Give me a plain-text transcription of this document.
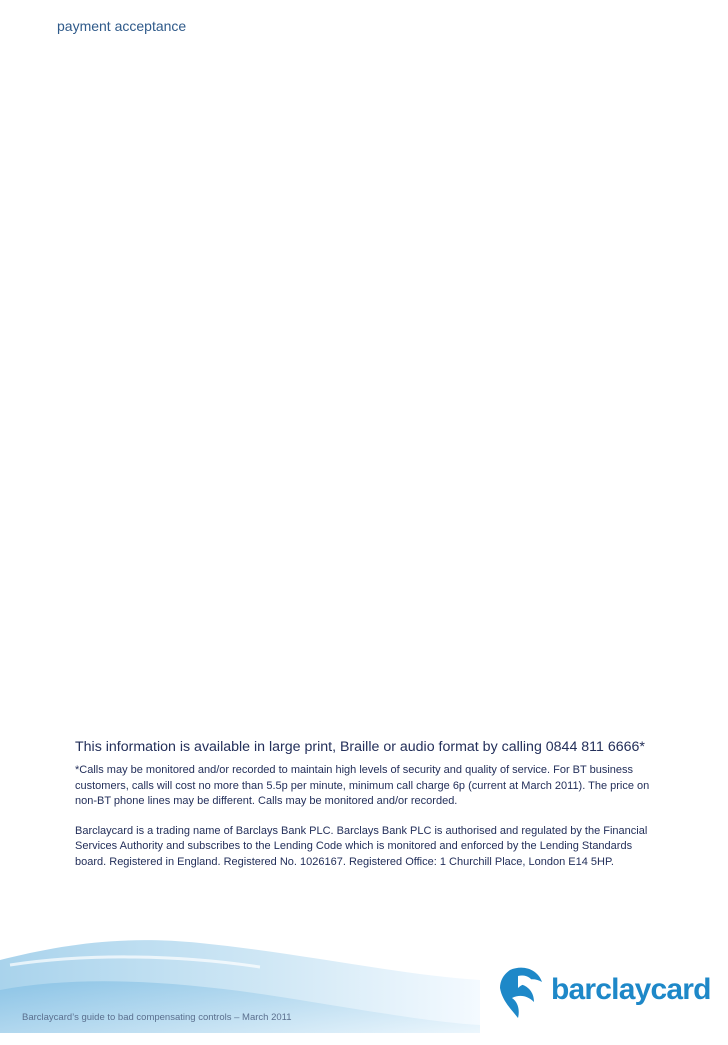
payment acceptance

This information is available in large print, Braille or audio format by calling 0844 811 6666*

*Calls may be monitored and/or recorded to maintain high levels of security and quality of service. For BT business customers, calls will cost no more than 5.5p per minute, minimum call charge 6p (current at March 2011). The price on non-BT phone lines may be different. Calls may be monitored and/or recorded.

Barclaycard is a trading name of Barclays Bank PLC. Barclays Bank PLC is authorised and regulated by the Financial Services Authority and subscribes to the Lending Code which is monitored and enforced by the Lending Standards board. Registered in England. Registered No. 1026167. Registered Office: 1 Churchill Place, London E14 5HP.

Barclaycard’s guide to bad compensating controls – March 2011
barclaycard
